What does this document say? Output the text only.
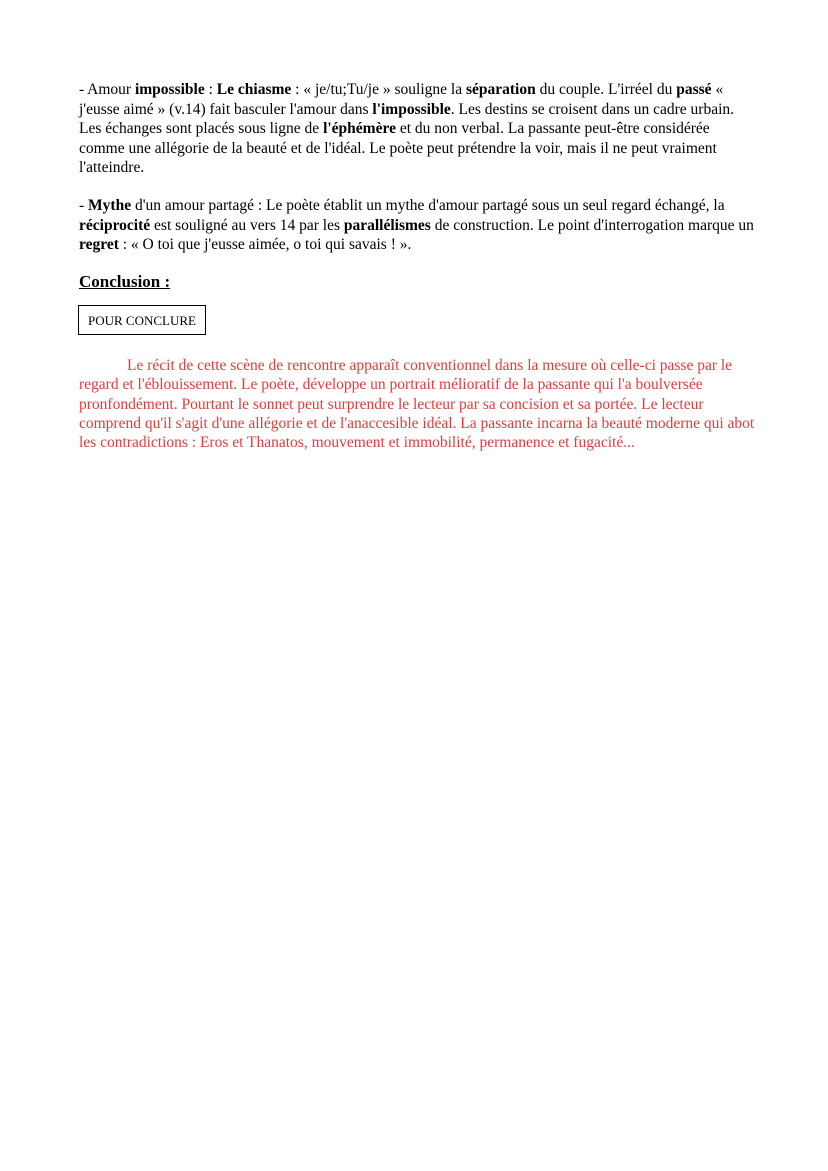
- Amour impossible : Le chiasme : « je/tu;Tu/je » souligne la séparation du couple. L'irréel du passé « j'eusse aimé » (v.14) fait basculer l'amour dans l'impossible. Les destins se croisent dans un cadre urbain. Les échanges sont placés sous ligne de l'éphémère et du non verbal. La passante peut-être considérée comme une allégorie de la beauté et de l'idéal. Le poète peut prétendre la voir, mais il ne peut vraiment l'atteindre.

- Mythe d'un amour partagé : Le poète établit un mythe d'amour partagé sous un seul regard échangé, la réciprocité est souligné au vers 14 par les parallélismes de construction. Le point d'interrogation marque un regret : « O toi que j'eusse aimée, o toi qui savais ! ».

Conclusion :
POUR CONCLURE

Le récit de cette scène de rencontre apparaît conventionnel dans la mesure où celle-ci passe par le regard et l'éblouissement. Le poète, développe un portrait mélioratif de la passante qui l'a boulversée pronfondément. Pourtant le sonnet peut surprendre le lecteur par sa concision et sa portée. Le lecteur comprend qu'il s'agit d'une allégorie et de l'anaccesible idéal. La passante incarna la beauté moderne qui abot les contradictions : Eros et Thanatos, mouvement et immobilité, permanence et fugacité...
